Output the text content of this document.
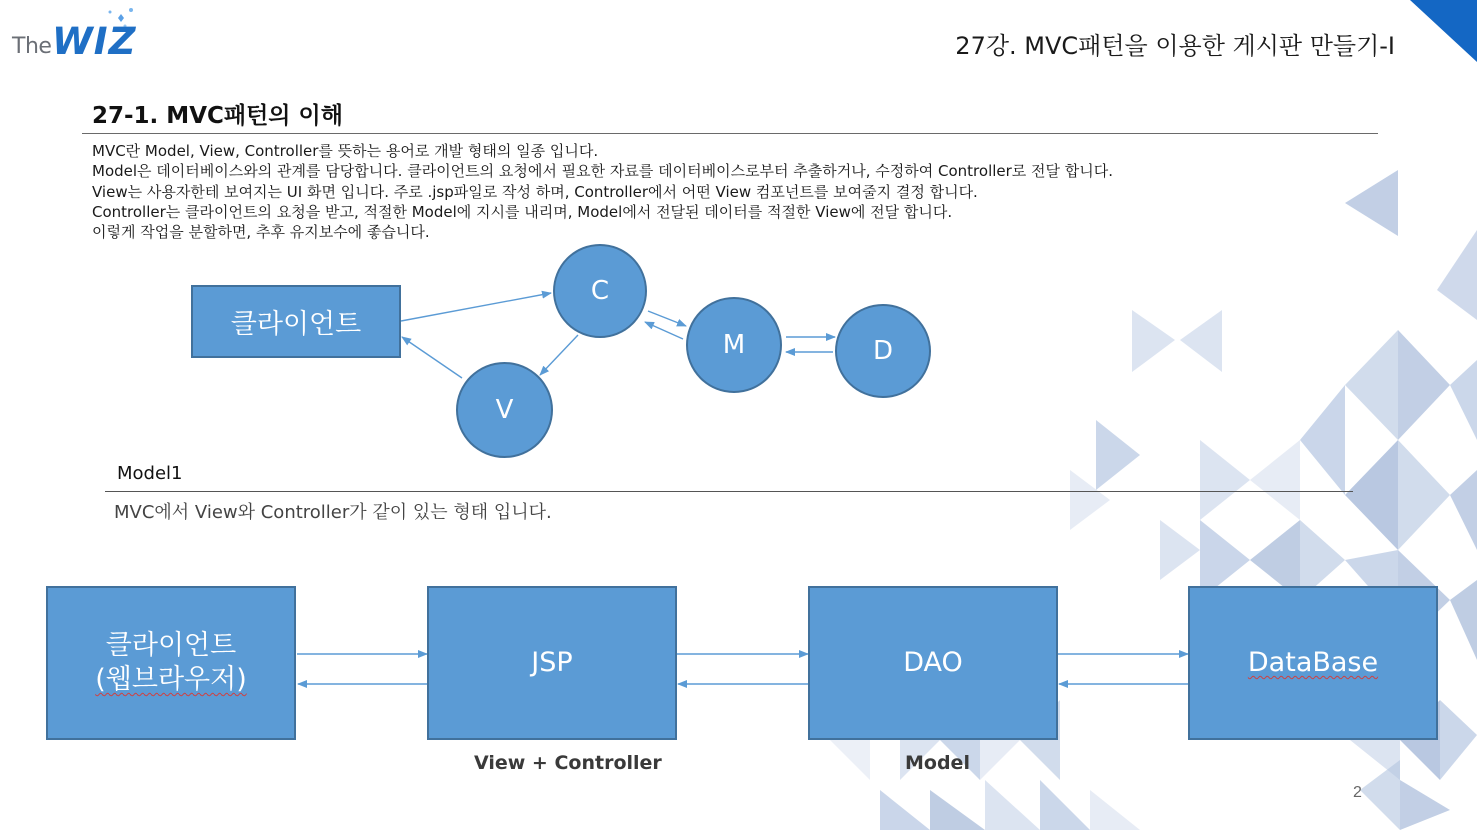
The WIZ	27강. MVC패턴을 이용한 게시판 만들기-I
27-1. MVC패턴의 이해
MVC란 Model, View, Controller를 뜻하는 용어로 개발 형태의 일종 입니다.
Model은 데이터베이스와의 관계를 담당합니다. 클라이언트의 요청에서 필요한 자료를 데이터베이스로부터 추출하거나, 수정하여 Controller로 전달 합니다.
View는 사용자한테 보여지는 UI 화면 입니다. 주로 .jsp파일로 작성 하며, Controller에서 어떤 View 컴포넌트를 보여줄지 결정 합니다.
Controller는 클라이언트의 요청을 받고, 적절한 Model에 지시를 내리며, Model에서 전달된 데이터를 적절한 View에 전달 합니다.
이렇게 작업을 분할하면, 추후 유지보수에 좋습니다.
클라이언트
C
M	D
V
Model1
MVC에서 View와 Controller가 같이 있는 형태 입니다.
클라이언트
(웹브라우저)
JSP	DAO	DataBase
View + Controller	Model
2
